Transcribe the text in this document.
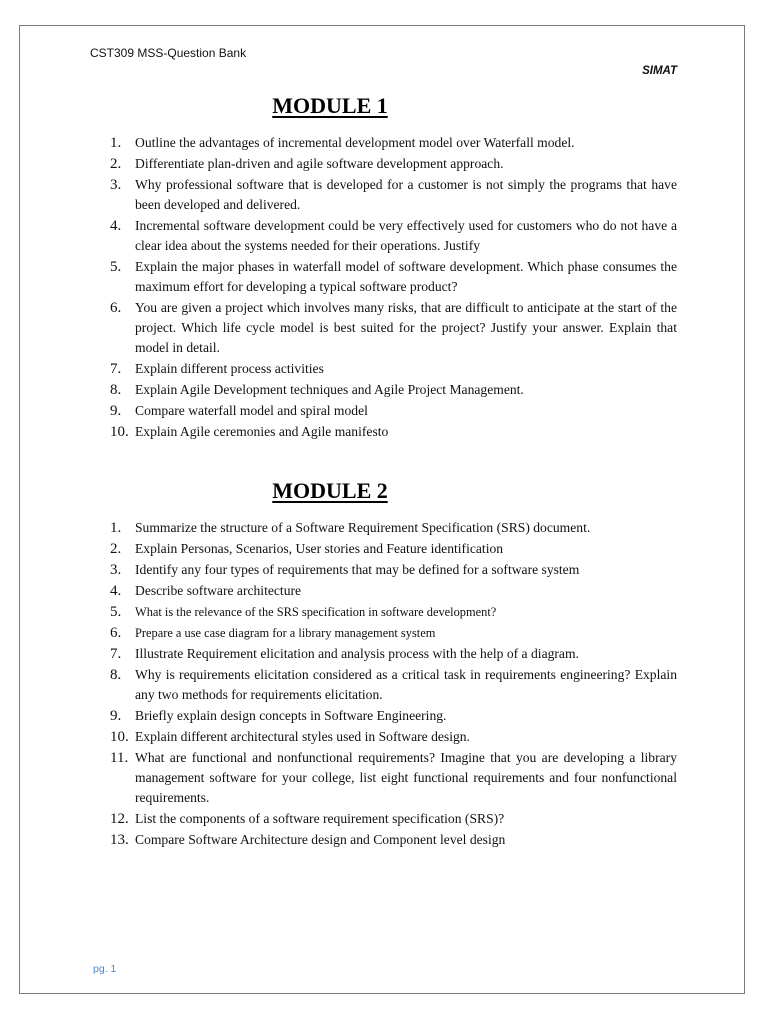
CST309 MSS-Question Bank
SIMAT
MODULE 1
1.	Outline the advantages of incremental development model over Waterfall model.
2.	Differentiate plan-driven and agile software development approach.
3.	Why professional software that is developed for a customer is not simply the programs that have been developed and delivered.
4.	Incremental software development could be very effectively used for customers who do not have a clear idea about the systems needed for their operations. Justify
5.	Explain the major phases in waterfall model of software development. Which phase consumes the maximum effort for developing a typical software product?
6.	You are given a project which involves many risks, that are difficult to anticipate at the start of the project. Which life cycle model is best suited for the project? Justify your answer. Explain that model in detail.
7.	Explain different process activities
8.	Explain Agile Development techniques and Agile Project Management.
9.	Compare waterfall model and spiral model
10. Explain Agile ceremonies and Agile manifesto
MODULE 2
1.	Summarize the structure of a Software Requirement Specification (SRS) document.
2.	Explain Personas, Scenarios, User stories and Feature identification
3.	Identify any four types of requirements that may be defined for a software system
4.	Describe software architecture
5.	What is the relevance of the SRS specification in software development?
6.	Prepare a use case diagram for a library management system
7.	Illustrate Requirement elicitation and analysis process with the help of a diagram.
8.	Why is requirements elicitation considered as a critical task in requirements engineering? Explain any two methods for requirements elicitation.
9.	Briefly explain design concepts in Software Engineering.
10. Explain different architectural styles used in Software design.
11. What are functional and nonfunctional requirements? Imagine that you are developing a library management software for your college, list eight functional requirements and four nonfunctional requirements.
12. List the components of a software requirement specification (SRS)?
13. Compare Software Architecture design and Component level design
pg. 1
